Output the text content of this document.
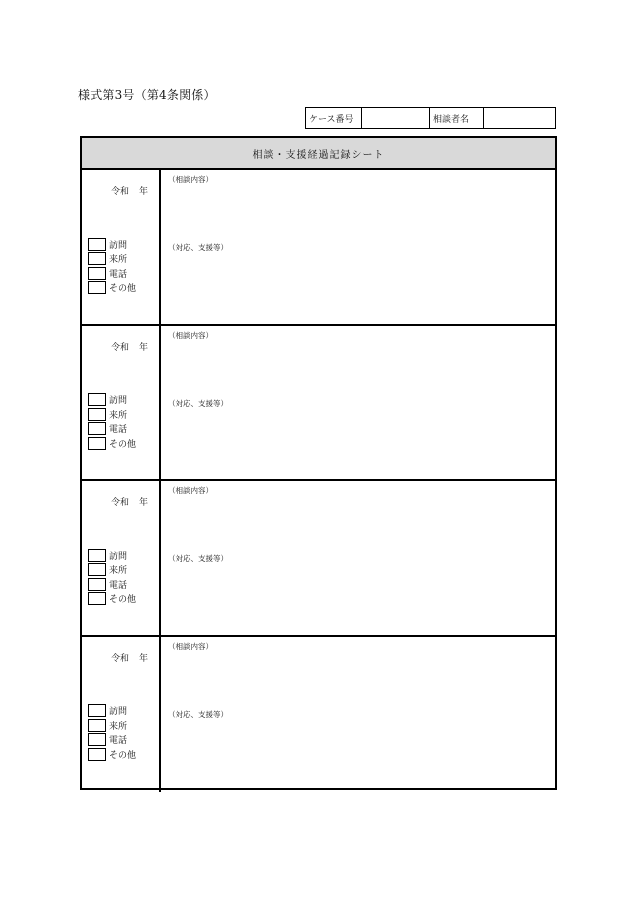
様式第3号（第4条関係）
ケース番号	相談者名
相談・支援経過記録シート
令和 年
訪問
来所
電話
その他
（相談内容）
（対応、支援等）
令和 年
訪問
来所
電話
その他
（相談内容）
（対応、支援等）
令和 年
訪問
来所
電話
その他
（相談内容）
（対応、支援等）
令和 年
訪問
来所
電話
その他
（相談内容）
（対応、支援等）
